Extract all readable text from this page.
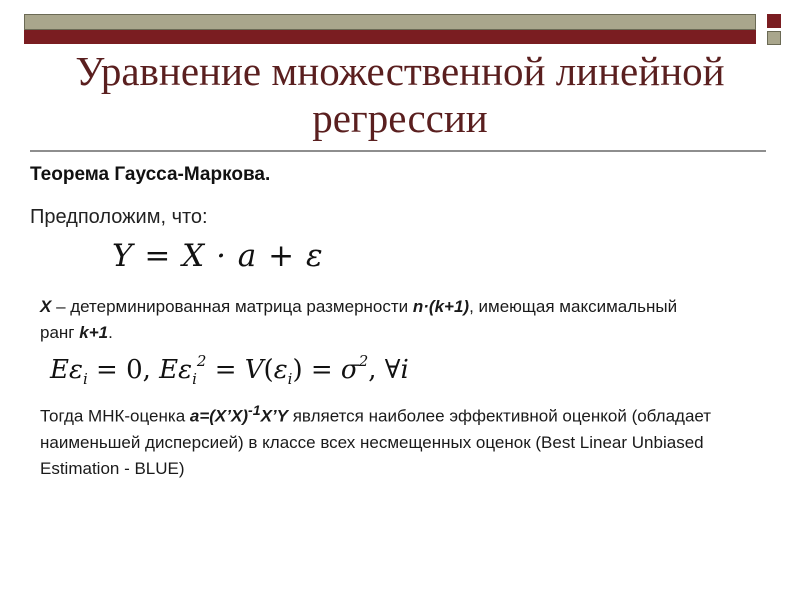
Уравнение множественной линейной регрессии
Теорема Гаусса-Маркова.
Предположим, что:
Y = X · a + ε
X – детерминированная матрица размерности n·(k+1), имеющая максимальный ранг k+1.
$E\varepsilon_i = 0$, $E\varepsilon_i^2 = V(\varepsilon_i) = \sigma^2$, ∀i
Тогда МНК-оценка a=(X’X)$^{-1}$X’Y является наиболее эффективной оценкой (обладает наименьшей дисперсией) в классе всех несмещенных оценок (Best Linear Unbiased Estimation - BLUE)
